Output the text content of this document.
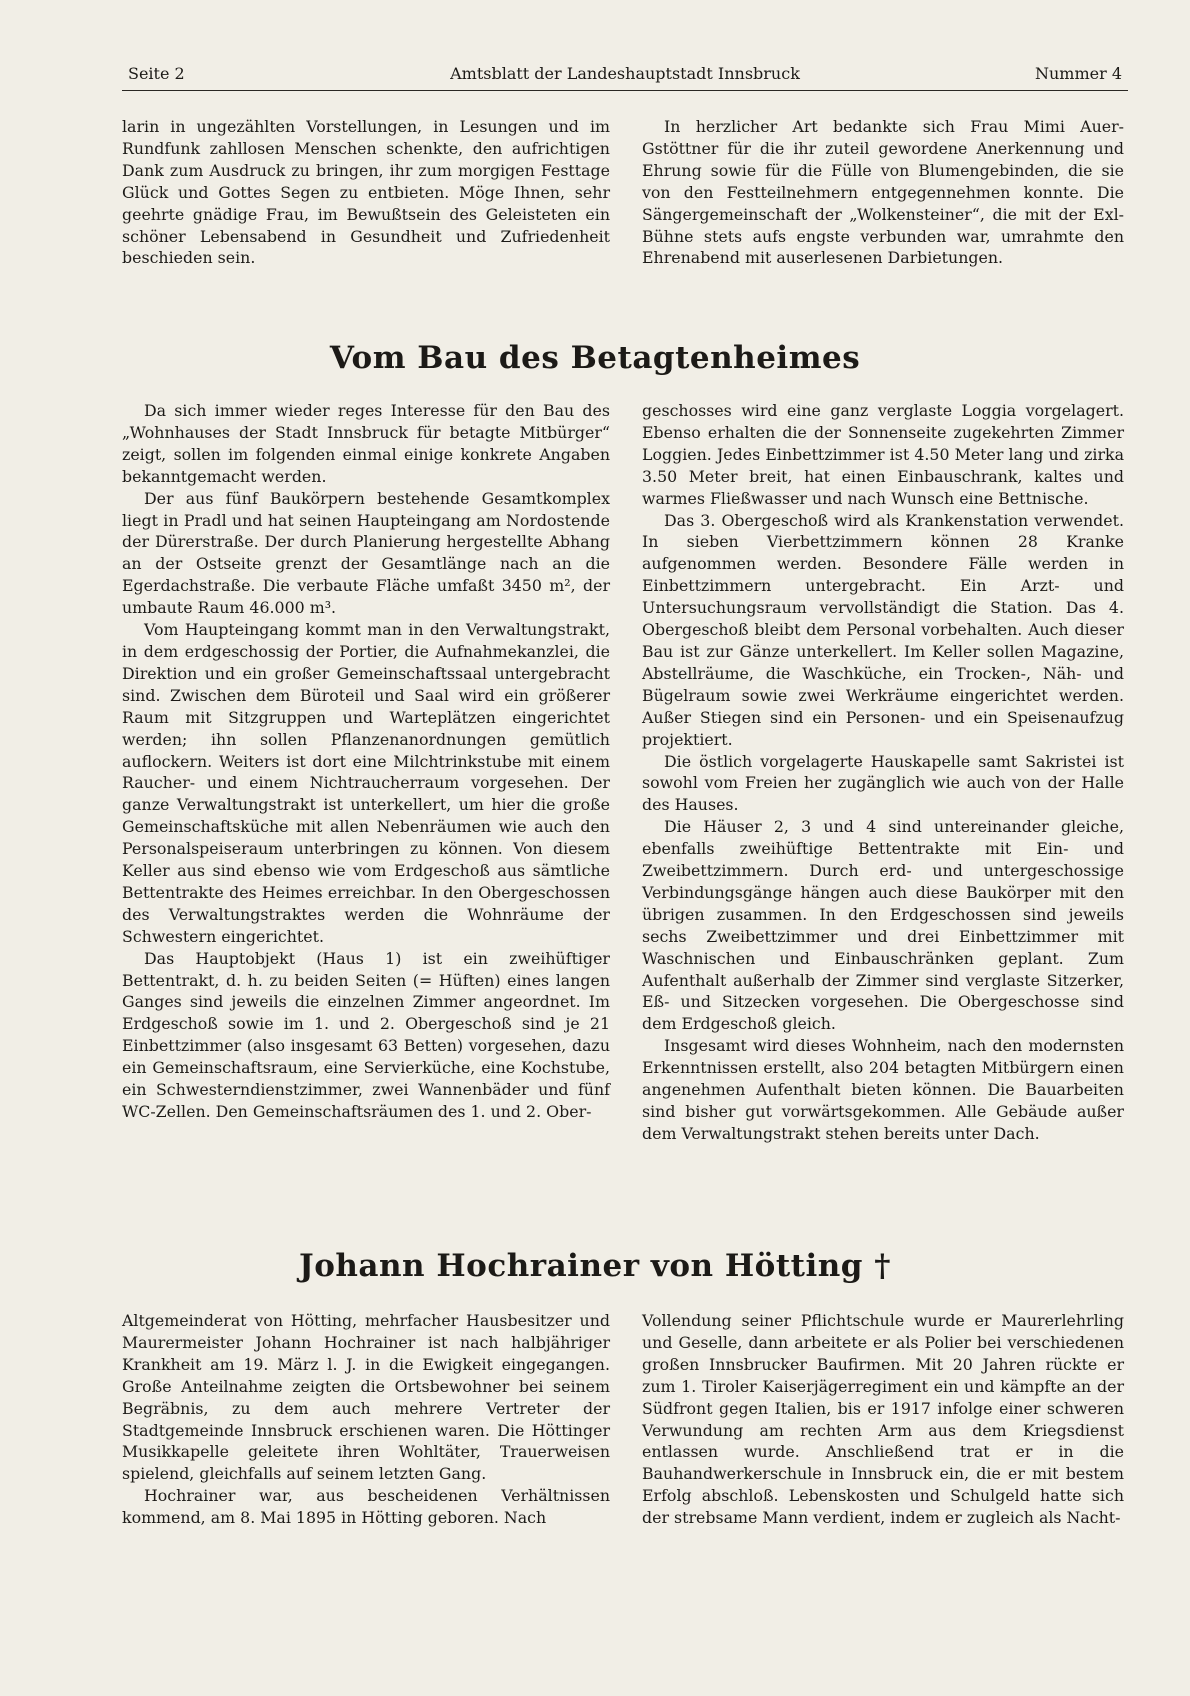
Seite 2	Amtsblatt der Landeshauptstadt Innsbruck	Nummer 4

larin in ungezählten Vorstellungen, in Lesungen und im Rundfunk zahllosen Menschen schenkte, den aufrichtigen Dank zum Ausdruck zu bringen, ihr zum morgigen Festtage Glück und Gottes Segen zu entbieten. Möge Ihnen, sehr geehrte gnädige Frau, im Bewußtsein des Geleisteten ein schöner Lebensabend in Gesundheit und Zufriedenheit beschieden sein.

In herzlicher Art bedankte sich Frau Mimi Auer-Gstöttner für die ihr zuteil gewordene Anerkennung und Ehrung sowie für die Fülle von Blumengebinden, die sie von den Festteilnehmern entgegennehmen konnte. Die Sängergemeinschaft der „Wolkensteiner“, die mit der Exl-Bühne stets aufs engste verbunden war, umrahmte den Ehrenabend mit auserlesenen Darbietungen.

Vom Bau des Betagtenheimes

Da sich immer wieder reges Interesse für den Bau des „Wohnhauses der Stadt Innsbruck für betagte Mitbürger“ zeigt, sollen im folgenden einmal einige konkrete Angaben bekanntgemacht werden.

Der aus fünf Baukörpern bestehende Gesamtkomplex liegt in Pradl und hat seinen Haupteingang am Nordostende der Dürerstraße. Der durch Planierung hergestellte Abhang an der Ostseite grenzt der Gesamtlänge nach an die Egerdachstraße. Die verbaute Fläche umfaßt 3450 m², der umbaute Raum 46.000 m³.

Vom Haupteingang kommt man in den Verwaltungstrakt, in dem erdgeschossig der Portier, die Aufnahmekanzlei, die Direktion und ein großer Gemeinschaftssaal untergebracht sind. Zwischen dem Büroteil und Saal wird ein größerer Raum mit Sitzgruppen und Warteplätzen eingerichtet werden; ihn sollen Pflanzenanordnungen gemütlich auflockern. Weiters ist dort eine Milchtrinkstube mit einem Raucher- und einem Nichtraucherraum vorgesehen. Der ganze Verwaltungstrakt ist unterkellert, um hier die große Gemeinschaftsküche mit allen Nebenräumen wie auch den Personalspeiseraum unterbringen zu können. Von diesem Keller aus sind ebenso wie vom Erdgeschoß aus sämtliche Bettentrakte des Heimes erreichbar. In den Obergeschossen des Verwaltungstraktes werden die Wohnräume der Schwestern eingerichtet.

Das Hauptobjekt (Haus 1) ist ein zweihüftiger Bettentrakt, d. h. zu beiden Seiten (= Hüften) eines langen Ganges sind jeweils die einzelnen Zimmer angeordnet. Im Erdgeschoß sowie im 1. und 2. Obergeschoß sind je 21 Einbettzimmer (also insgesamt 63 Betten) vorgesehen, dazu ein Gemeinschaftsraum, eine Servierküche, eine Kochstube, ein Schwesterndienstzimmer, zwei Wannenbäder und fünf WC-Zellen. Den Gemeinschaftsräumen des 1. und 2. Ober-

geschosses wird eine ganz verglaste Loggia vorgelagert. Ebenso erhalten die der Sonnenseite zugekehrten Zimmer Loggien. Jedes Einbettzimmer ist 4.50 Meter lang und zirka 3.50 Meter breit, hat einen Einbauschrank, kaltes und warmes Fließwasser und nach Wunsch eine Bettnische.

Das 3. Obergeschoß wird als Krankenstation verwendet. In sieben Vierbettzimmern können 28 Kranke aufgenommen werden. Besondere Fälle werden in Einbettzimmern untergebracht. Ein Arzt- und Untersuchungsraum vervollständigt die Station. Das 4. Obergeschoß bleibt dem Personal vorbehalten. Auch dieser Bau ist zur Gänze unterkellert. Im Keller sollen Magazine, Abstellräume, die Waschküche, ein Trocken-, Näh- und Bügelraum sowie zwei Werkräume eingerichtet werden. Außer Stiegen sind ein Personen- und ein Speisenaufzug projektiert.

Die östlich vorgelagerte Hauskapelle samt Sakristei ist sowohl vom Freien her zugänglich wie auch von der Halle des Hauses.

Die Häuser 2, 3 und 4 sind untereinander gleiche, ebenfalls zweihüftige Bettentrakte mit Ein- und Zweibettzimmern. Durch erd- und untergeschossige Verbindungsgänge hängen auch diese Baukörper mit den übrigen zusammen. In den Erdgeschossen sind jeweils sechs Zweibettzimmer und drei Einbettzimmer mit Waschnischen und Einbauschränken geplant. Zum Aufenthalt außerhalb der Zimmer sind verglaste Sitzerker, Eß- und Sitzecken vorgesehen. Die Obergeschosse sind dem Erdgeschoß gleich.

Insgesamt wird dieses Wohnheim, nach den modernsten Erkenntnissen erstellt, also 204 betagten Mitbürgern einen angenehmen Aufenthalt bieten können. Die Bauarbeiten sind bisher gut vorwärtsgekommen. Alle Gebäude außer dem Verwaltungstrakt stehen bereits unter Dach.

Johann Hochrainer von Hötting †

Altgemeinderat von Hötting, mehrfacher Hausbesitzer und Maurermeister Johann Hochrainer ist nach halbjähriger Krankheit am 19. März l. J. in die Ewigkeit eingegangen. Große Anteilnahme zeigten die Ortsbewohner bei seinem Begräbnis, zu dem auch mehrere Vertreter der Stadtgemeinde Innsbruck erschienen waren. Die Höttinger Musikkapelle geleitete ihren Wohltäter, Trauerweisen spielend, gleichfalls auf seinem letzten Gang.

Hochrainer war, aus bescheidenen Verhältnissen kommend, am 8. Mai 1895 in Hötting geboren. Nach

Vollendung seiner Pflichtschule wurde er Maurerlehrling und Geselle, dann arbeitete er als Polier bei verschiedenen großen Innsbrucker Baufirmen. Mit 20 Jahren rückte er zum 1. Tiroler Kaiserjägerregiment ein und kämpfte an der Südfront gegen Italien, bis er 1917 infolge einer schweren Verwundung am rechten Arm aus dem Kriegsdienst entlassen wurde. Anschließend trat er in die Bauhandwerkerschule in Innsbruck ein, die er mit bestem Erfolg abschloß. Lebenskosten und Schulgeld hatte sich der strebsame Mann verdient, indem er zugleich als Nacht-
